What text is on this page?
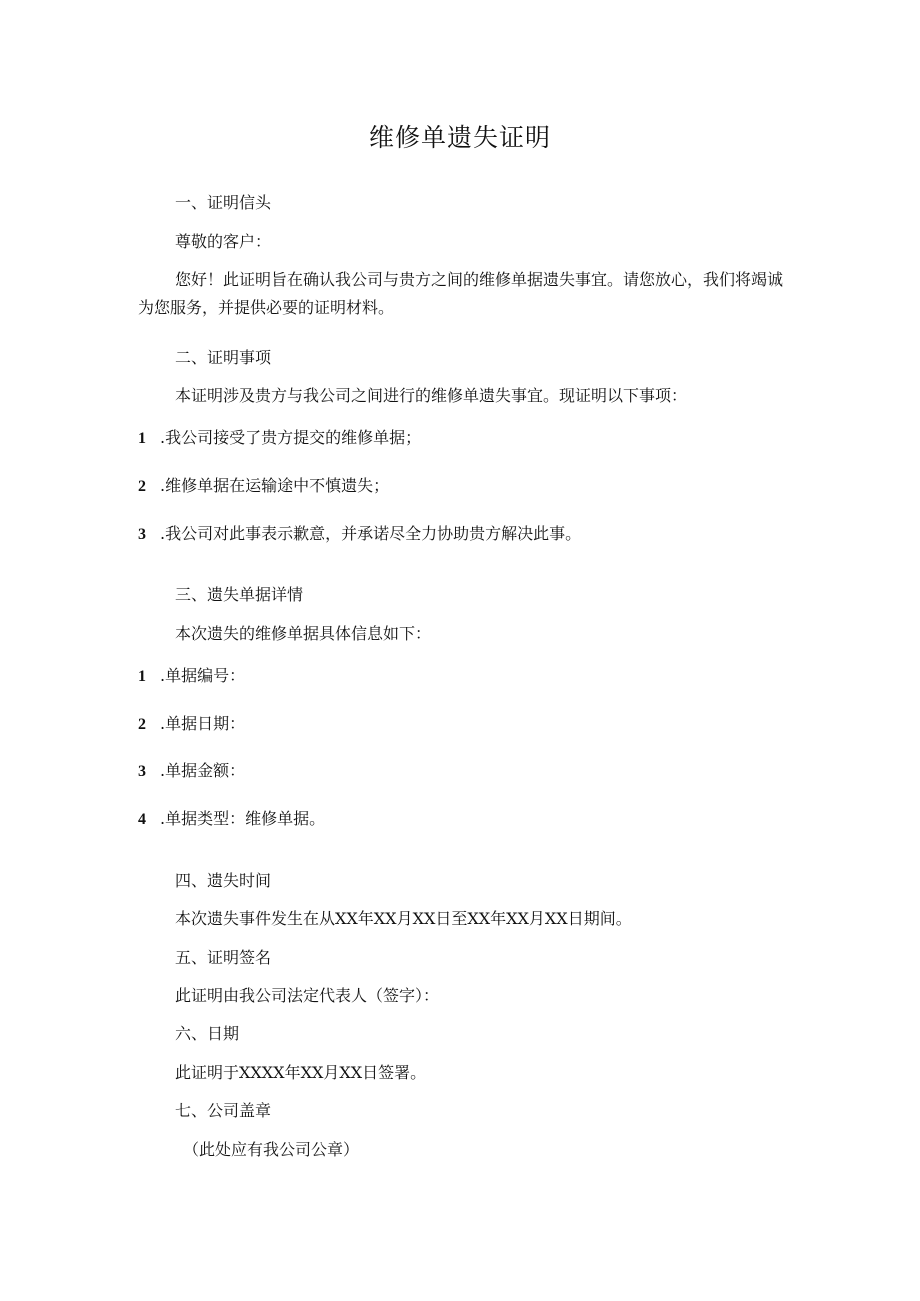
维修单遗失证明
一、证明信头
尊敬的客户：
您好！此证明旨在确认我公司与贵方之间的维修单据遗失事宜。请您放心，我们将竭诚为您服务，并提供必要的证明材料。
二、证明事项
本证明涉及贵方与我公司之间进行的维修单遗失事宜。现证明以下事项：
1 .我公司接受了贵方提交的维修单据；
2 .维修单据在运输途中不慎遗失；
3 .我公司对此事表示歉意，并承诺尽全力协助贵方解决此事。
三、遗失单据详情
本次遗失的维修单据具体信息如下：
1 .单据编号：
2 .单据日期：
3 .单据金额：
4 .单据类型：维修单据。
四、遗失时间
本次遗失事件发生在从XX年XX月XX日至XX年XX月XX日期间。
五、证明签名
此证明由我公司法定代表人（签字）：
六、日期
此证明于XXXX年XX月XX日签署。
七、公司盖章
（此处应有我公司公章）
